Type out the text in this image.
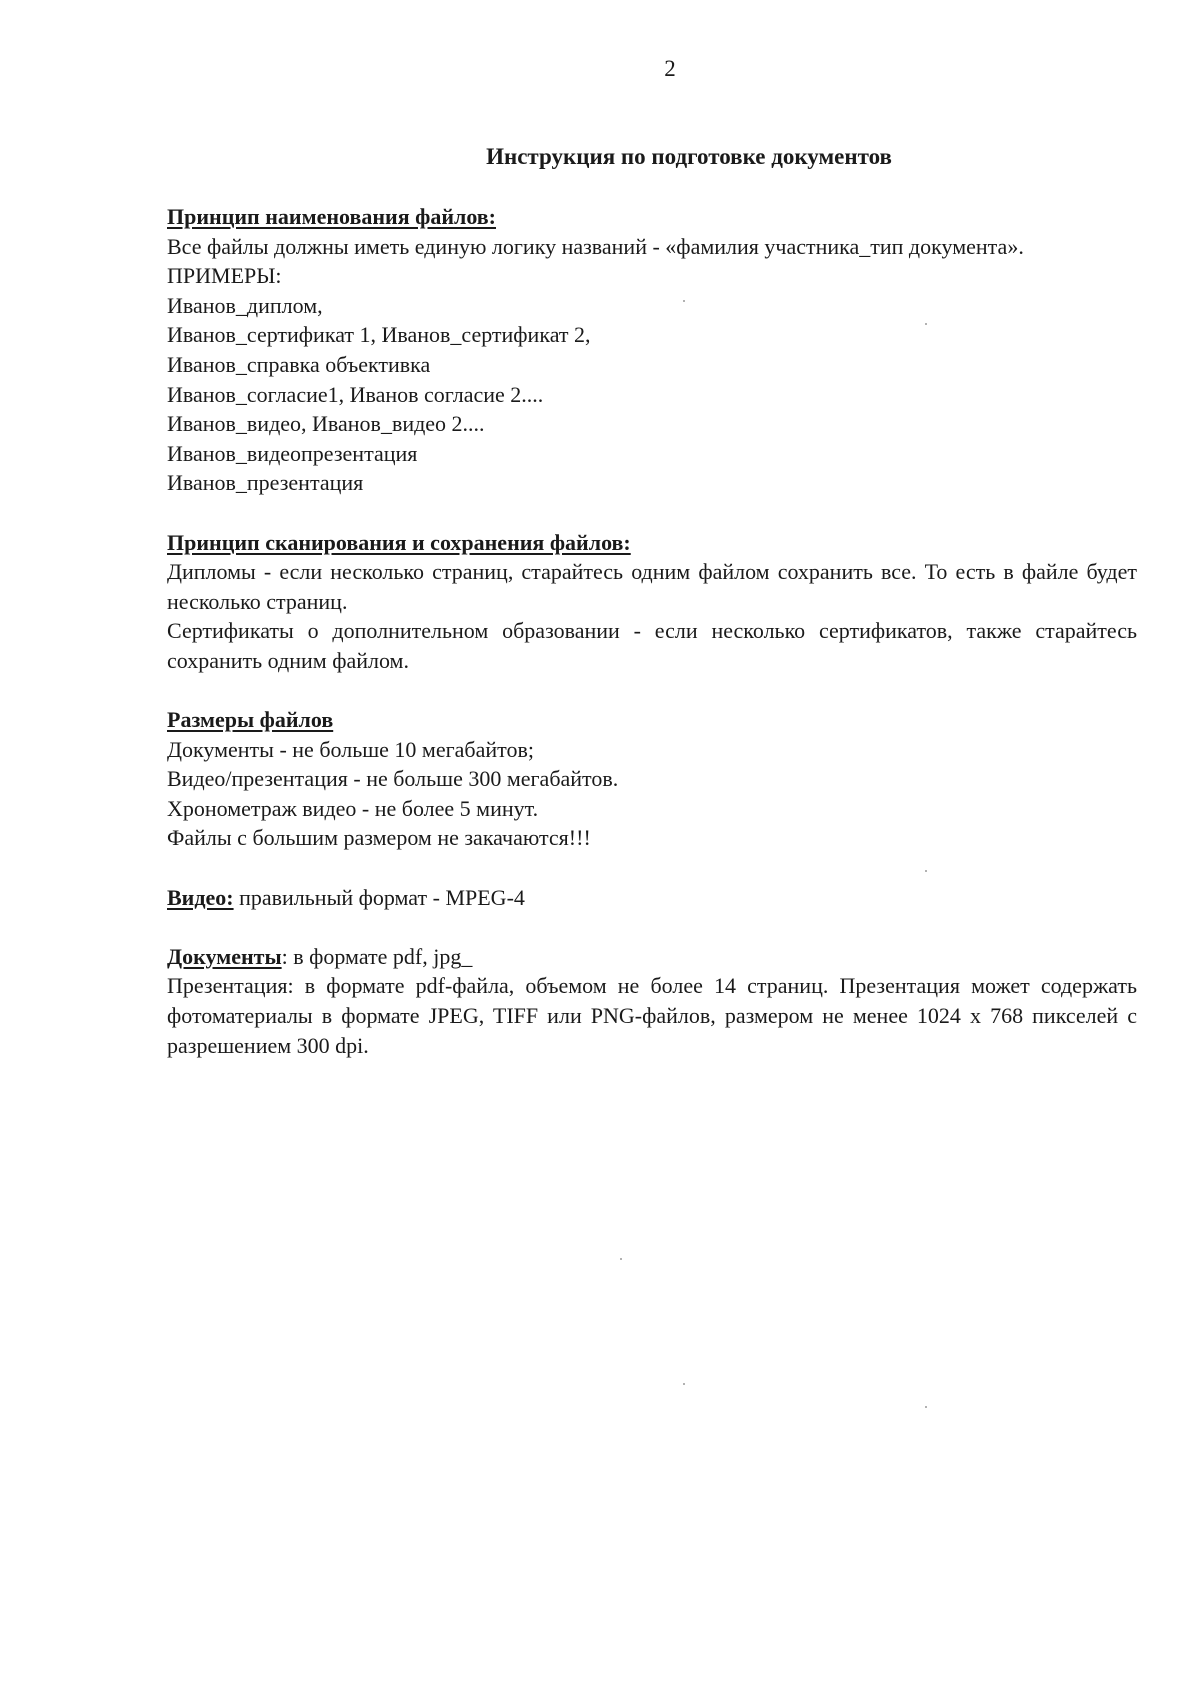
2
Инструкция по подготовке документов
Принцип наименования файлов:
Все файлы должны иметь единую логику названий - «фамилия участника_тип документа».
ПРИМЕРЫ:
Иванов_диплом,
Иванов_сертификат 1, Иванов_сертификат 2,
Иванов_справка объективка
Иванов_согласие1, Иванов согласие 2....
Иванов_видео, Иванов_видео 2....
Иванов_видеопрезентация
Иванов_презентация
Принцип сканирования и сохранения файлов:
Дипломы - если несколько страниц, старайтесь одним файлом сохранить все. То есть в файле будет несколько страниц.
Сертификаты о дополнительном образовании - если несколько сертификатов, также старайтесь сохранить одним файлом.
Размеры файлов
Документы - не больше 10 мегабайтов;
Видео/презентация - не больше 300 мегабайтов.
Хронометраж видео - не более 5 минут.
Файлы с большим размером не закачаются!!!
Видео: правильный формат - MPEG-4
Документы: в формате pdf, jpg_
Презентация: в формате pdf-файла, объемом не более 14 страниц. Презентация может содержать фотоматериалы в формате JPEG, TIFF или PNG-файлов, размером не менее 1024 х 768 пикселей с разрешением 300 dpi.
